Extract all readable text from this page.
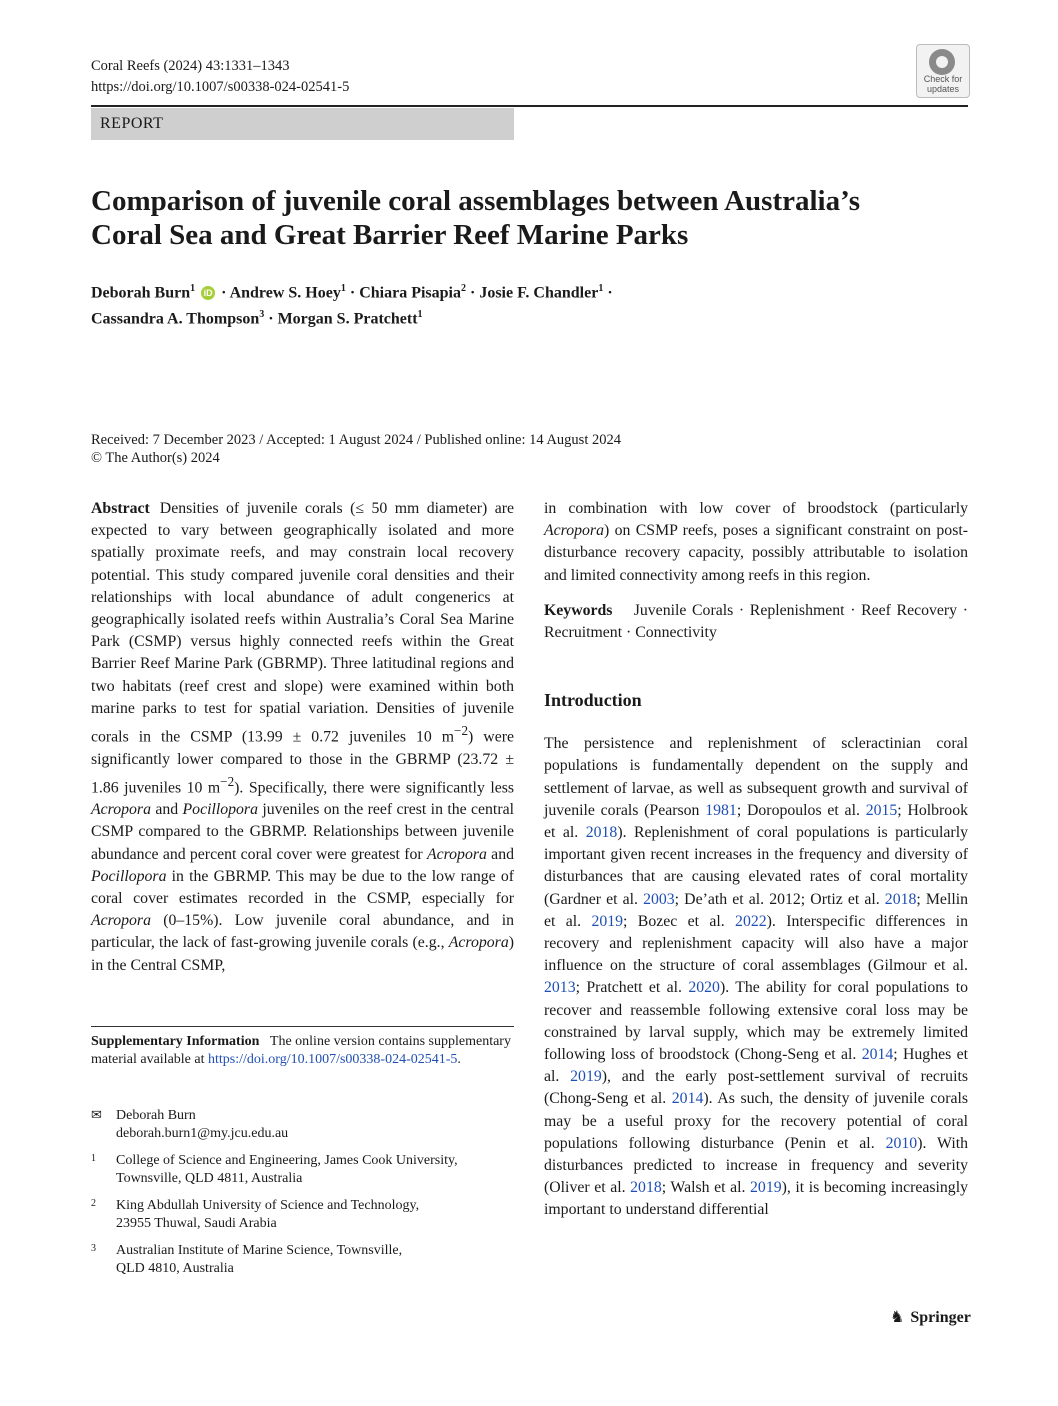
Coral Reefs (2024) 43:1331–1343
https://doi.org/10.1007/s00338-024-02541-5	Check for updates
REPORT
Comparison of juvenile coral assemblages between Australia’s
Coral Sea and Great Barrier Reef Marine Parks
Deborah Burn$^1$ iD · Andrew S. Hoey$^1$ · Chiara Pisapia$^2$ · Josie F. Chandler$^1$ ·
Cassandra A. Thompson$^3$ · Morgan S. Pratchett$^1$
Received: 7 December 2023 / Accepted: 1 August 2024 / Published online: 14 August 2024
© The Author(s) 2024

Abstract Densities of juvenile corals (≤ 50 mm diameter) are expected to vary between geographically isolated and more spatially proximate reefs, and may constrain local recovery potential. This study compared juvenile coral densities and their relationships with local abundance of adult congenerics at geographically isolated reefs within Australia’s Coral Sea Marine Park (CSMP) versus highly connected reefs within the Great Barrier Reef Marine Park (GBRMP). Three latitudinal regions and two habitats (reef crest and slope) were examined within both marine parks to test for spatial variation. Densities of juvenile corals in the CSMP (13.99 ± 0.72 juveniles 10 $m^{-2}$) were significantly lower compared to those in the GBRMP (23.72 ± 1.86 juveniles 10 $m^{-2}$). Specifically, there were significantly less Acropora and Pocillopora juveniles on the reef crest in the central CSMP compared to the GBRMP. Relationships between juvenile abundance and percent coral cover were greatest for Acropora and Pocillopora in the GBRMP. This may be due to the low range of coral cover estimates recorded in the CSMP, especially for Acropora (0–15%). Low juvenile coral abundance, and in particular, the lack of fast-growing juvenile corals (e.g., Acropora) in the Central CSMP,

Supplementary Information The online version contains supplementary material available at https://doi.org/10.1007/s00338-024-02541-5.
✉	Deborah Burn
deborah.burn1@my.jcu.edu.au
1	College of Science and Engineering, James Cook University,
Townsville, QLD 4811, Australia
2	King Abdullah University of Science and Technology,
23955 Thuwal, Saudi Arabia
3	Australian Institute of Marine Science, Townsville,
QLD 4810, Australia

in combination with low cover of broodstock (particularly Acropora) on CSMP reefs, poses a significant constraint on post-disturbance recovery capacity, possibly attributable to isolation and limited connectivity among reefs in this region.

Keywords Juvenile Corals · Replenishment · Reef Recovery · Recruitment · Connectivity

Introduction

The persistence and replenishment of scleractinian coral populations is fundamentally dependent on the supply and settlement of larvae, as well as subsequent growth and survival of juvenile corals (Pearson 1981; Doropoulos et al. 2015; Holbrook et al. 2018). Replenishment of coral populations is particularly important given recent increases in the frequency and diversity of disturbances that are causing elevated rates of coral mortality (Gardner et al. 2003; De’ath et al. 2012; Ortiz et al. 2018; Mellin et al. 2019; Bozec et al. 2022). Interspecific differences in recovery and replenishment capacity will also have a major influence on the structure of coral assemblages (Gilmour et al. 2013; Pratchett et al. 2020). The ability for coral populations to recover and reassemble following extensive coral loss may be constrained by larval supply, which may be extremely limited following loss of broodstock (Chong-Seng et al. 2014; Hughes et al. 2019), and the early post-settlement survival of recruits (Chong-Seng et al. 2014). As such, the density of juvenile corals may be a useful proxy for the recovery potential of coral populations following disturbance (Penin et al. 2010). With disturbances predicted to increase in frequency and severity (Oliver et al. 2018; Walsh et al. 2019), it is becoming increasingly important to understand differential

♞ Springer
